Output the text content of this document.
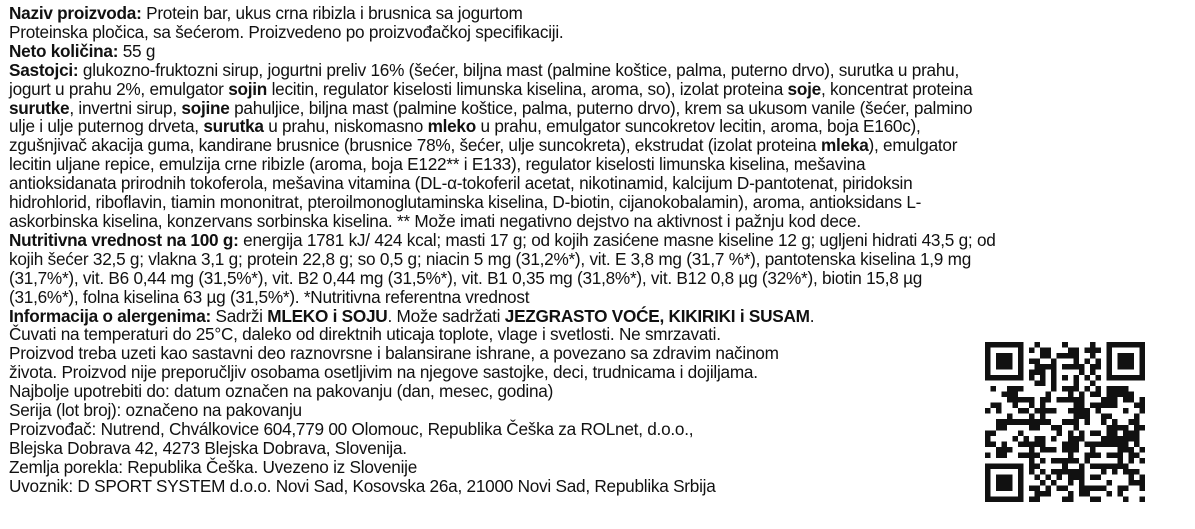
Naziv proizvoda: Protein bar, ukus crna ribizla i brusnica sa jogurtom
Proteinska pločica, sa šećerom. Proizvedeno po proizvođačkoj specifikaciji.
Neto količina: 55 g
Sastojci: glukozno-fruktozni sirup, jogurtni preliv 16% (šećer, biljna mast (palmine koštice, palma, puterno drvo), surutka u prahu,
jogurt u prahu 2%, emulgator sojin lecitin, regulator kiselosti limunska kiselina, aroma, so), izolat proteina soje, koncentrat proteina
surutke, invertni sirup, sojine pahuljice, biljna mast (palmine koštice, palma, puterno drvo), krem sa ukusom vanile (šećer, palmino
ulje i ulje puternog drveta, surutka u prahu, niskomasno mleko u prahu, emulgator suncokretov lecitin, aroma, boja E160c),
zgušnjivač akacija guma, kandirane brusnice (brusnice 78%, šećer, ulje suncokreta), ekstrudat (izolat proteina mleka), emulgator
lecitin uljane repice, emulzija crne ribizle (aroma, boja E122** i E133), regulator kiselosti limunska kiselina, mešavina
antioksidanata prirodnih tokoferola, mešavina vitamina (DL-α-tokoferil acetat, nikotinamid, kalcijum D-pantotenat, piridoksin
hidrohlorid, riboflavin, tiamin mononitrat, pteroilmonoglutaminska kiselina, D-biotin, cijanokobalamin), aroma, antioksidans L-
askorbinska kiselina, konzervans sorbinska kiselina. ** Može imati negativno dejstvo na aktivnost i pažnju kod dece.
Nutritivna vrednost na 100 g: energija 1781 kJ/ 424 kcal; masti 17 g; od kojih zasićene masne kiseline 12 g; ugljeni hidrati 43,5 g; od
kojih šećer 32,5 g; vlakna 3,1 g; protein 22,8 g; so 0,5 g; niacin 5 mg (31,2%*), vit. E 3,8 mg (31,7 %*), pantotenska kiselina 1,9 mg
(31,7%*), vit. B6 0,44 mg (31,5%*), vit. B2 0,44 mg (31,5%*), vit. B1 0,35 mg (31,8%*), vit. B12 0,8 µg (32%*), biotin 15,8 µg
(31,6%*), folna kiselina 63 µg (31,5%*). *Nutritivna referentna vrednost
Informacija o alergenima: Sadrži MLEKO i SOJU. Može sadržati JEZGRASTO VOĆE, KIKIRIKI i SUSAM.
Čuvati na temperaturi do 25°C, daleko od direktnih uticaja toplote, vlage i svetlosti. Ne smrzavati.
Proizvod treba uzeti kao sastavni deo raznovrsne i balansirane ishrane, a povezano sa zdravim načinom
života. Proizvod nije preporučljiv osobama osetljivim na njegove sastojke, deci, trudnicama i dojiljama.
Najbolje upotrebiti do: datum označen na pakovanju (dan, mesec, godina)
Serija (lot broj): označeno na pakovanju
Proizvođač: Nutrend, Chválkovice 604,779 00 Olomouc, Republika Češka za ROLnet, d.o.o.,
Blejska Dobrava 42, 4273 Blejska Dobrava, Slovenija.
Zemlja porekla: Republika Češka. Uvezeno iz Slovenije
Uvoznik: D SPORT SYSTEM d.o.o. Novi Sad, Kosovska 26a, 21000 Novi Sad, Republika Srbija
